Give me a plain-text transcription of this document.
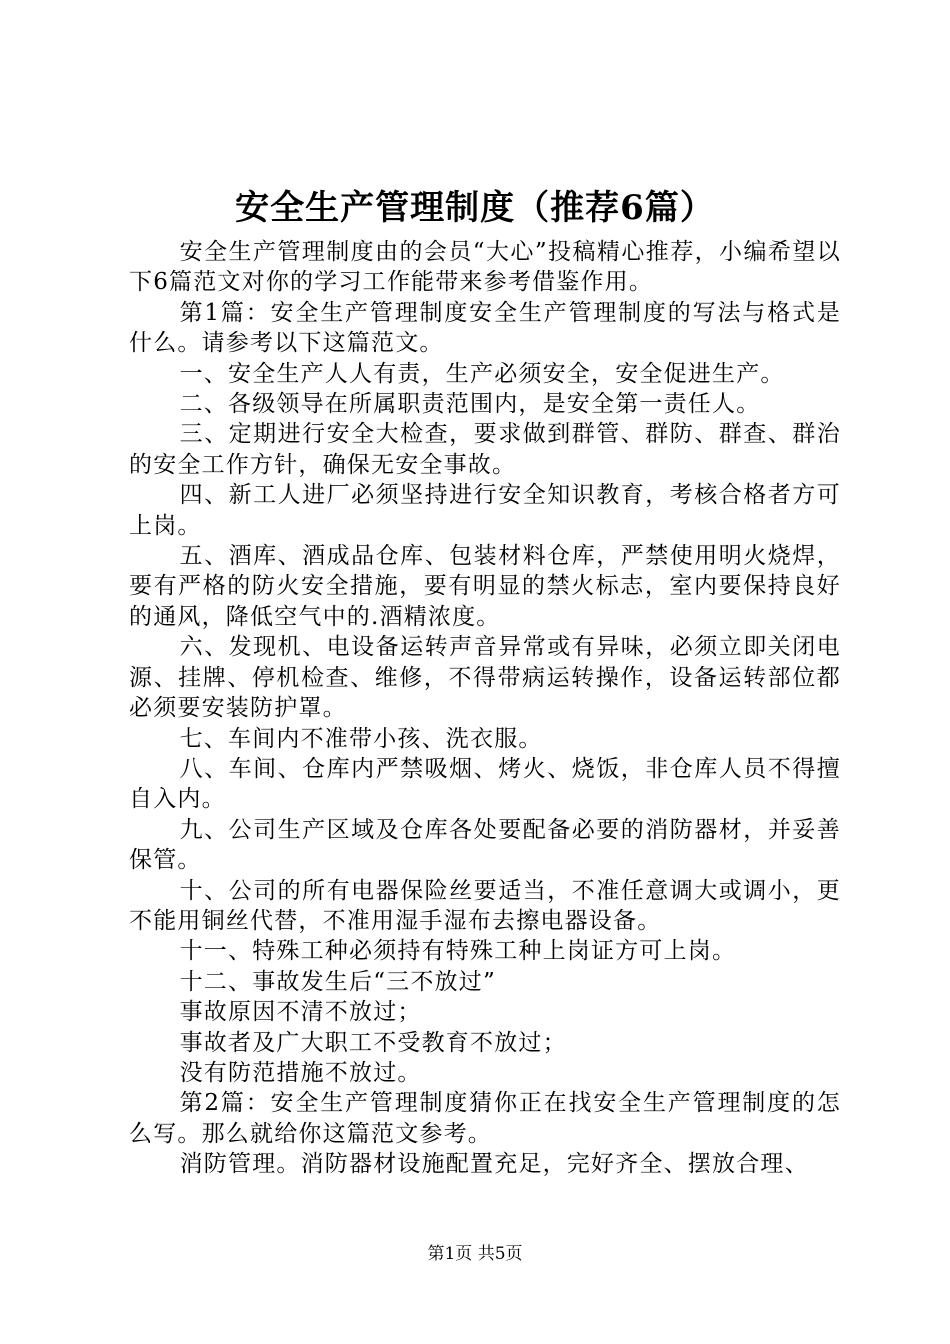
安全生产管理制度（推荐6篇）

安全生产管理制度由的会员“大心”投稿精心推荐，小编希望以下6篇范文对你的学习工作能带来参考借鉴作用。

第1篇：安全生产管理制度安全生产管理制度的写法与格式是什么。请参考以下这篇范文。

一、安全生产人人有责，生产必须安全，安全促进生产。

二、各级领导在所属职责范围内，是安全第一责任人。

三、定期进行安全大检查，要求做到群管、群防、群查、群治的安全工作方针，确保无安全事故。

四、新工人进厂必须坚持进行安全知识教育，考核合格者方可上岗。

五、酒库、酒成品仓库、包装材料仓库，严禁使用明火烧焊，要有严格的防火安全措施，要有明显的禁火标志，室内要保持良好的通风，降低空气中的.酒精浓度。

六、发现机、电设备运转声音异常或有异味，必须立即关闭电源、挂牌、停机检查、维修，不得带病运转操作，设备运转部位都必须要安装防护罩。

七、车间内不准带小孩、洗衣服。

八、车间、仓库内严禁吸烟、烤火、烧饭，非仓库人员不得擅自入内。

九、公司生产区域及仓库各处要配备必要的消防器材，并妥善保管。

十、公司的所有电器保险丝要适当，不准任意调大或调小，更不能用铜丝代替，不准用湿手湿布去擦电器设备。

十一、特殊工种必须持有特殊工种上岗证方可上岗。

十二、事故发生后“三不放过”

事故原因不清不放过；

事故者及广大职工不受教育不放过；

没有防范措施不放过。

第2篇：安全生产管理制度猜你正在找安全生产管理制度的怎么写。那么就给你这篇范文参考。

消防管理。消防器材设施配置充足，完好齐全、摆放合理、

第1页 共5页
